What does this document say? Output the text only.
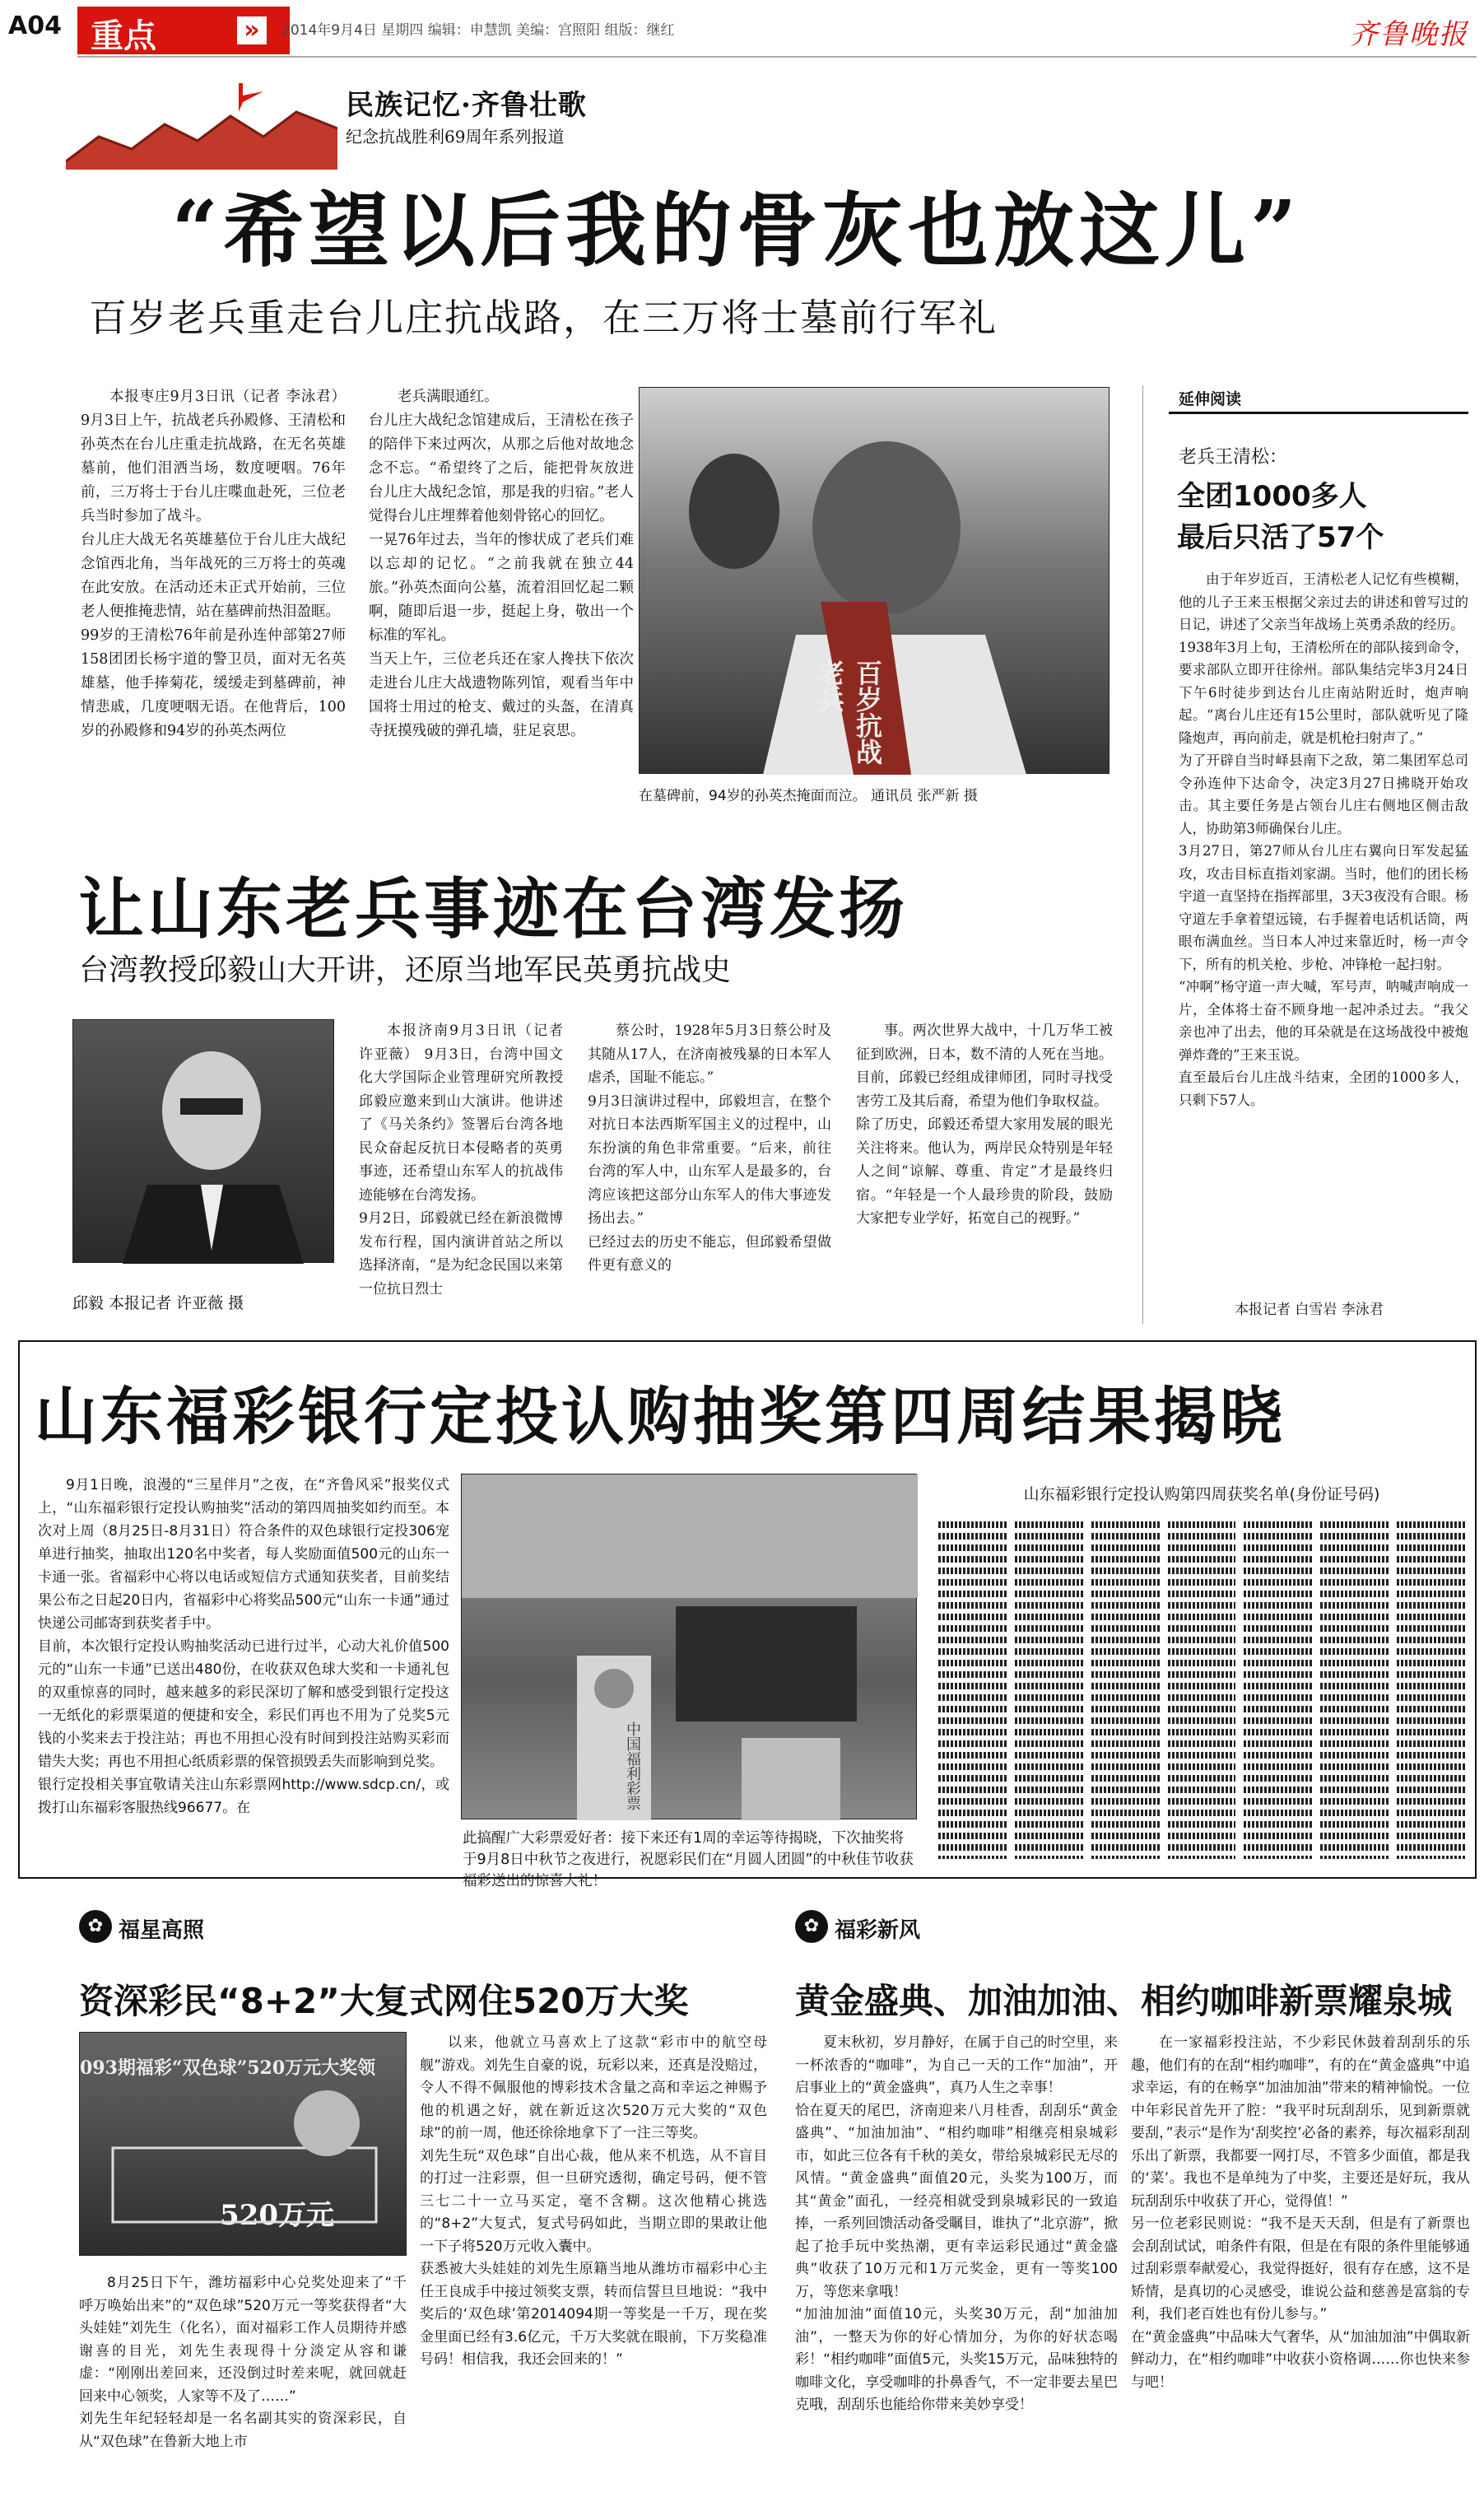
A04 重点	»	2014年9月4日 星期四 编辑：申慧凯 美编：宫照阳 组版：继红	齐鲁晚报
民族记忆·齐鲁壮歌
纪念抗战胜利69周年系列报道
“希望以后我的骨灰也放这儿”
百岁老兵重走台儿庄抗战路，在三万将士墓前行军礼
本报枣庄9月3日讯（记者 李泳君） 9月3日上午，抗战老兵孙殿修、王清松和孙英杰在台儿庄重走抗战路，在无名英雄墓前，他们泪洒当场，数度哽咽。76年前，三万将士于台儿庄喋血赴死，三位老兵当时参加了战斗。
台儿庄大战无名英雄墓位于台儿庄大战纪念馆西北角，当年战死的三万将士的英魂在此安放。在活动还未正式开始前，三位老人便推掩悲情，站在墓碑前热泪盈眶。
99岁的王清松76年前是孙连仲部第27师158团团长杨宇道的警卫员，面对无名英雄墓，他手捧菊花，缓缓走到墓碑前，神情悲戚，几度哽咽无语。在他背后，100岁的孙殿修和94岁的孙英杰两位
老兵满眼通红。
台儿庄大战纪念馆建成后，王清松在孩子的陪伴下来过两次，从那之后他对故地念念不忘。“希望终了之后，能把骨灰放进台儿庄大战纪念馆，那是我的归宿。”老人觉得台儿庄埋葬着他刻骨铭心的回忆。
一晃76年过去，当年的惨状成了老兵们难以忘却的记忆。“之前我就在独立44旅。”孙英杰面向公墓，流着泪回忆起二颗啊，随即后退一步，挺起上身，敬出一个标准的军礼。
当天上午，三位老兵还在家人搀扶下依次走进台儿庄大战遗物陈列馆，观看当年中国将士用过的枪支、戴过的头盔，在清真寺抚摸残破的弹孔墙，驻足哀思。	百岁抗战老兵
在墓碑前，94岁的孙英杰掩面而泣。 通讯员 张严新 摄
延伸阅读
老兵王清松：
全团1000多人
最后只活了57个
由于年岁近百，王清松老人记忆有些模糊，他的儿子王来玉根据父亲过去的讲述和曾写过的日记，讲述了父亲当年战场上英勇杀敌的经历。
1938年3月上旬，王清松所在的部队接到命令，要求部队立即开往徐州。部队集结完毕3月24日下午6时徒步到达台儿庄南站附近时，炮声响起。“离台儿庄还有15公里时，部队就听见了隆隆炮声，再向前走，就是机枪扫射声了。”
为了开辟自当时峄县南下之敌，第二集团军总司令孙连仲下达命令，决定3月27日拂晓开始攻击。其主要任务是占领台儿庄右侧地区侧击敌人，协助第3师确保台儿庄。
3月27日，第27师从台儿庄右翼向日军发起猛攻，攻击目标直指刘家湖。当时，他们的团长杨宇道一直坚持在指挥部里，3天3夜没有合眼。杨守道左手拿着望远镜，右手握着电话机话筒，两眼布满血丝。当日本人冲过来靠近时，杨一声令下，所有的机关枪、步枪、冲锋枪一起扫射。
“冲啊”杨守道一声大喊，军号声，呐喊声响成一片，全体将士奋不顾身地一起冲杀过去。“我父亲也冲了出去，他的耳朵就是在这场战役中被炮弹炸聋的”王来玉说。
直至最后台儿庄战斗结束，全团的1000多人，只剩下57人。
本报记者 白雪岩 李泳君
让山东老兵事迹在台湾发扬
台湾教授邱毅山大开讲，还原当地军民英勇抗战史
邱毅 本报记者 许亚薇 摄
本报济南9月3日讯（记者 许亚薇） 9月3日，台湾中国文化大学国际企业管理研究所教授邱毅应邀来到山大演讲。他讲述了《马关条约》签署后台湾各地民众奋起反抗日本侵略者的英勇事迹，还希望山东军人的抗战伟迹能够在台湾发扬。
9月2日，邱毅就已经在新浪微博发布行程，国内演讲首站之所以选择济南，“是为纪念民国以来第一位抗日烈士
蔡公时，1928年5月3日蔡公时及其随从17人，在济南被残暴的日本军人虐杀，国耻不能忘。”
9月3日演讲过程中，邱毅坦言，在整个对抗日本法西斯军国主义的过程中，山东扮演的角色非常重要。“后来，前往台湾的军人中，山东军人是最多的，台湾应该把这部分山东军人的伟大事迹发扬出去。”
已经过去的历史不能忘，但邱毅希望做件更有意义的
事。两次世界大战中，十几万华工被征到欧洲，日本，数不清的人死在当地。目前，邱毅已经组成律师团，同时寻找受害劳工及其后裔，希望为他们争取权益。
除了历史，邱毅还希望大家用发展的眼光关注将来。他认为，两岸民众特别是年轻人之间“谅解、尊重、肯定”才是最终归宿。“年轻是一个人最珍贵的阶段，鼓励大家把专业学好，拓宽自己的视野。”
山东福彩银行定投认购抽奖第四周结果揭晓
9月1日晚，浪漫的“三星伴月”之夜，在“齐鲁风采”报奖仪式上，“山东福彩银行定投认购抽奖”活动的第四周抽奖如约而至。本次对上周（8月25日-8月31日）符合条件的双色球银行定投306宠单进行抽奖，抽取出120名中奖者，每人奖励面值500元的山东一卡通一张。省福彩中心将以电话或短信方式通知获奖者，目前奖结果公布之日起20日内，省福彩中心将奖品500元“山东一卡通”通过快递公司邮寄到获奖者手中。
目前，本次银行定投认购抽奖活动已进行过半，心动大礼价值500元的“山东一卡通”已送出480份，在收获双色球大奖和一卡通礼包的双重惊喜的同时，越来越多的彩民深切了解和感受到银行定投这一无纸化的彩票渠道的便捷和安全，彩民们再也不用为了兑奖5元钱的小奖来去于投注站；再也不用担心没有时间到投注站购买彩而错失大奖；再也不用担心纸质彩票的保管损毁丢失而影响到兑奖。
银行定投相关事宜敬请关注山东彩票网http://www.sdcp.cn/，或拨打山东福彩客服热线96677。在	中国福利彩票
此搞醒广大彩票爱好者：接下来还有1周的幸运等待揭晓，下次抽奖将于9月8日中秋节之夜进行，祝愿彩民们在“月圆人团圆”的中秋佳节收获福彩送出的惊喜大礼！
山东福彩银行定投认购第四周获奖名单(身份证号码)
✿ 福星高照
资深彩民“8+2”大复式网住520万大奖
093期福彩“双色球”520万元大奖领
520万元
8月25日下午，潍坊福彩中心兑奖处迎来了“千呼万唤始出来”的“双色球”520万元一等奖获得者“大头娃娃”刘先生（化名），面对福彩工作人员期待并感谢喜的目光，刘先生表现得十分淡定从容和谦虚：“刚刚出差回来，还没倒过时差来呢，就回就赶回来中心领奖，人家等不及了……”
刘先生年纪轻轻却是一名名副其实的资深彩民，自从“双色球”在鲁新大地上市
以来，他就立马喜欢上了这款“彩市中的航空母舰”游戏。刘先生自豪的说，玩彩以来，还真是没赔过，令人不得不佩服他的博彩技术含量之高和幸运之神赐予他的机遇之好，就在新近这次520万元大奖的“双色球”的前一周，他还徐徐地拿下了一注三等奖。
刘先生玩“双色球”自出心裁，他从来不机选，从不盲目的打过一注彩票，但一旦研究透彻，确定号码，便不管三七二十一立马买定，毫不含糊。这次他精心挑选的“8+2”大复式，复式号码如此，当期立即的果敢让他一下子将520万元收入囊中。
获悉被大头娃娃的刘先生原籍当地从潍坊市福彩中心主任王良成手中接过领奖支票，转而信誓旦旦地说：“我中奖后的‘双色球’第2014094期一等奖是一千万，现在奖金里面已经有3.6亿元，千万大奖就在眼前，下万奖稳准号码！相信我，我还会回来的！”
✿ 福彩新风
黄金盛典、加油加油、相约咖啡新票耀泉城
夏末秋初，岁月静好，在属于自己的时空里，来一杯浓香的“咖啡”，为自己一天的工作“加油”，开启事业上的“黄金盛典”，真乃人生之幸事！
恰在夏天的尾巴，济南迎来八月桂香，刮刮乐“黄金盛典”、“加油加油”、“相约咖啡”相继亮相泉城彩市，如此三位各有千秋的美女，带给泉城彩民无尽的风情。“黄金盛典”面值20元，头奖为100万，而其“黄金”面孔，一经亮相就受到泉城彩民的一致追捧，一系列回馈活动备受瞩目，谁执了“北京游”，掀起了抢手玩中奖热潮，更有幸运彩民通过“黄金盛典”收获了10万元和1万元奖金，更有一等奖100万，等您来拿哦！
“加油加油”面值10元，头奖30万元，刮“加油加油”，一整天为你的好心情加分，为你的好状态喝彩！“相约咖啡”面值5元，头奖15万元，品味独特的咖啡文化，享受咖啡的扑鼻香气，不一定非要去星巴克哦，刮刮乐也能给你带来美妙享受！
在一家福彩投注站，不少彩民休鼓着刮刮乐的乐趣，他们有的在刮“相约咖啡”，有的在“黄金盛典”中追求幸运，有的在畅享“加油加油”带来的精神愉悦。一位中年彩民首先开了腔：“我平时玩刮刮乐，见到新票就要刮，”表示“是作为‘刮奖控’必备的素养，每次福彩刮刮乐出了新票，我都要一网打尽，不管多少面值，都是我的‘菜’。我也不是单纯为了中奖，主要还是好玩，我从玩刮刮乐中收获了开心，觉得值！”
另一位老彩民则说：“我不是天天刮，但是有了新票也会刮刮试试，咱条件有限，但是在有限的条件里能够通过刮彩票奉献爱心，我觉得挺好，很有存在感，这不是矫情，是真切的心灵感受，谁说公益和慈善是富翁的专利，我们老百姓也有份儿参与。”
在“黄金盛典”中品味大气奢华，从“加油加油”中偶取新鲜动力，在“相约咖啡”中收获小资格调……你也快来参与吧！
